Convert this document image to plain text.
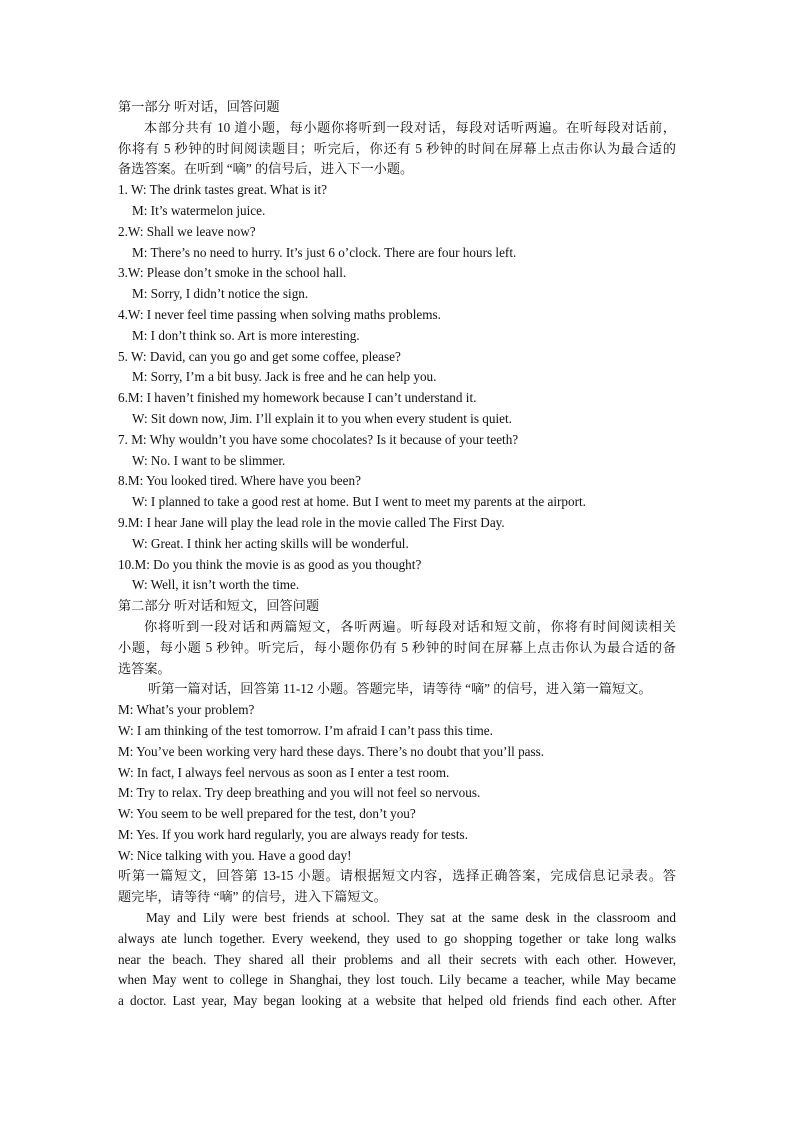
第一部分 听对话，回答问题
本部分共有 10 道小题，每小题你将听到一段对话，每段对话听两遍。在听每段对话前，
你将有 5 秒钟的时间阅读题目；听完后，你还有 5 秒钟的时间在屏幕上点击你认为最合适的
备选答案。在听到 “嘀” 的信号后，进入下一小题。
1. W: The drink tastes great. What is it?
M: It’s watermelon juice.
2.W: Shall we leave now?
M: There’s no need to hurry. It’s just 6 o’clock. There are four hours left.
3.W: Please don’t smoke in the school hall.
M: Sorry, I didn’t notice the sign.
4.W: I never feel time passing when solving maths problems.
M: I don’t think so. Art is more interesting.
5. W: David, can you go and get some coffee, please?
M: Sorry, I’m a bit busy. Jack is free and he can help you.
6.M: I haven’t finished my homework because I can’t understand it.
W: Sit down now, Jim. I’ll explain it to you when every student is quiet.
7. M: Why wouldn’t you have some chocolates? Is it because of your teeth?
W: No. I want to be slimmer.
8.M: You looked tired. Where have you been?
W: I planned to take a good rest at home. But I went to meet my parents at the airport.
9.M: I hear Jane will play the lead role in the movie called The First Day.
W: Great. I think her acting skills will be wonderful.
10.M: Do you think the movie is as good as you thought?
W: Well, it isn’t worth the time.
第二部分 听对话和短文，回答问题
你将听到一段对话和两篇短文，各听两遍。听每段对话和短文前，你将有时间阅读相关
小题，每小题 5 秒钟。听完后，每小题你仍有 5 秒钟的时间在屏幕上点击你认为最合适的备
选答案。
听第一篇对话，回答第 11-12 小题。答题完毕，请等待 “嘀” 的信号，进入第一篇短文。
M: What’s your problem?
W: I am thinking of the test tomorrow. I’m afraid I can’t pass this time.
M: You’ve been working very hard these days. There’s no doubt that you’ll pass.
W: In fact, I always feel nervous as soon as I enter a test room.
M: Try to relax. Try deep breathing and you will not feel so nervous.
W: You seem to be well prepared for the test, don’t you?
M: Yes. If you work hard regularly, you are always ready for tests.
W: Nice talking with you. Have a good day!
听第一篇短文，回答第 13-15 小题。请根据短文内容，选择正确答案，完成信息记录表。答
题完毕，请等待 “嘀” 的信号，进入下篇短文。
May and Lily were best friends at school. They sat at the same desk in the classroom and
always ate lunch together. Every weekend, they used to go shopping together or take long walks
near the beach. They shared all their problems and all their secrets with each other. However,
when May went to college in Shanghai, they lost touch. Lily became a teacher, while May became
a doctor. Last year, May began looking at a website that helped old friends find each other. After
